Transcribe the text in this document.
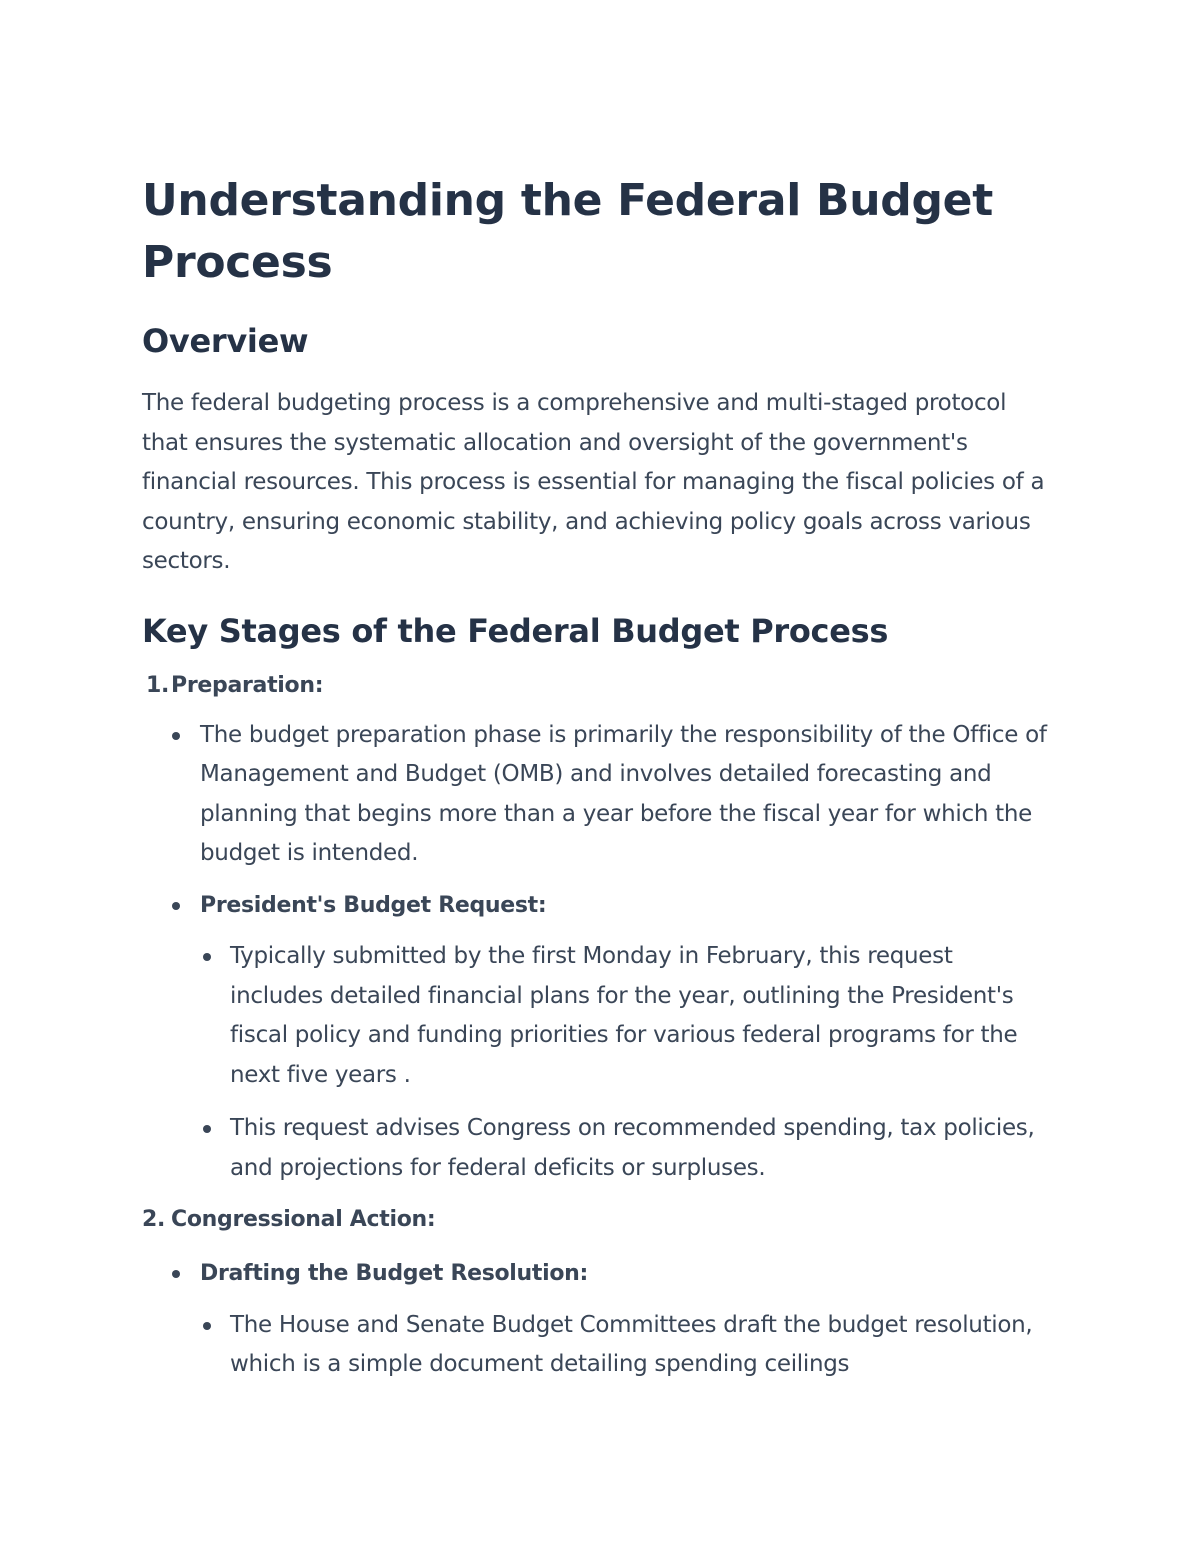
Understanding the Federal Budget Process
Overview

The federal budgeting process is a comprehensive and multi-staged protocol that ensures the systematic allocation and oversight of the government's financial resources. This process is essential for managing the fiscal policies of a country, ensuring economic stability, and achieving policy goals across various sectors.

Key Stages of the Federal Budget Process

1. Preparation:

The budget preparation phase is primarily the responsibility of the Office of Management and Budget (OMB) and involves detailed forecasting and planning that begins more than a year before the fiscal year for which the budget is intended.
President's Budget Request:
Typically submitted by the first Monday in February, this request includes detailed financial plans for the year, outlining the President's fiscal policy and funding priorities for various federal programs for the next five years .
This request advises Congress on recommended spending, tax policies, and projections for federal deficits or surpluses.

2. Congressional Action:

Drafting the Budget Resolution:
The House and Senate Budget Committees draft the budget resolution, which is a simple document detailing spending ceilings
